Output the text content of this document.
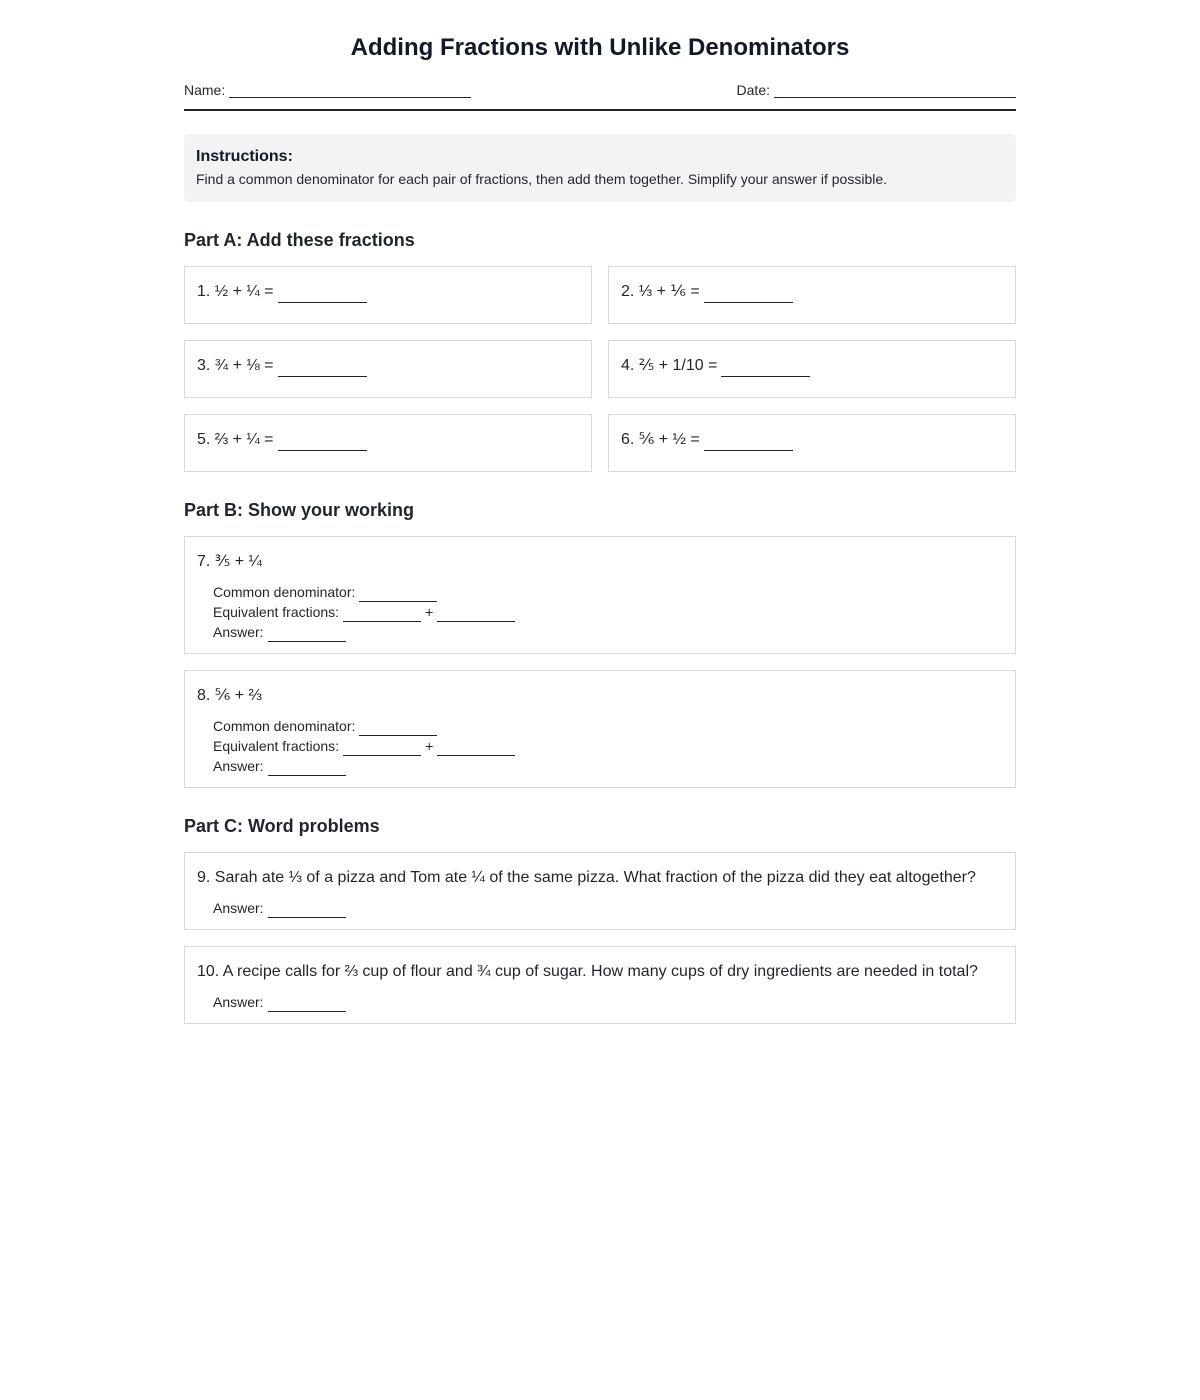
Adding Fractions with Unlike Denominators
Name:	Date:
Instructions:
Find a common denominator for each pair of fractions, then add them together. Simplify your answer if possible.
Part A: Add these fractions
1. ½ + ¼ =	2. ⅓ + ⅙ =
3. ¾ + ⅛ =	4. ⅖ + 1/10 =
5. ⅔ + ¼ =	6. ⅚ + ½ =
Part B: Show your working
7. ⅗ + ¼
Common denominator:
Equivalent fractions:	+
Answer:
8. ⅚ + ⅔
Common denominator:
Equivalent fractions:	+
Answer:
Part C: Word problems
9. Sarah ate ⅓ of a pizza and Tom ate ¼ of the same pizza. What fraction of the pizza did they eat altogether?
Answer:
10. A recipe calls for ⅔ cup of flour and ¾ cup of sugar. How many cups of dry ingredients are needed in total?
Answer:
